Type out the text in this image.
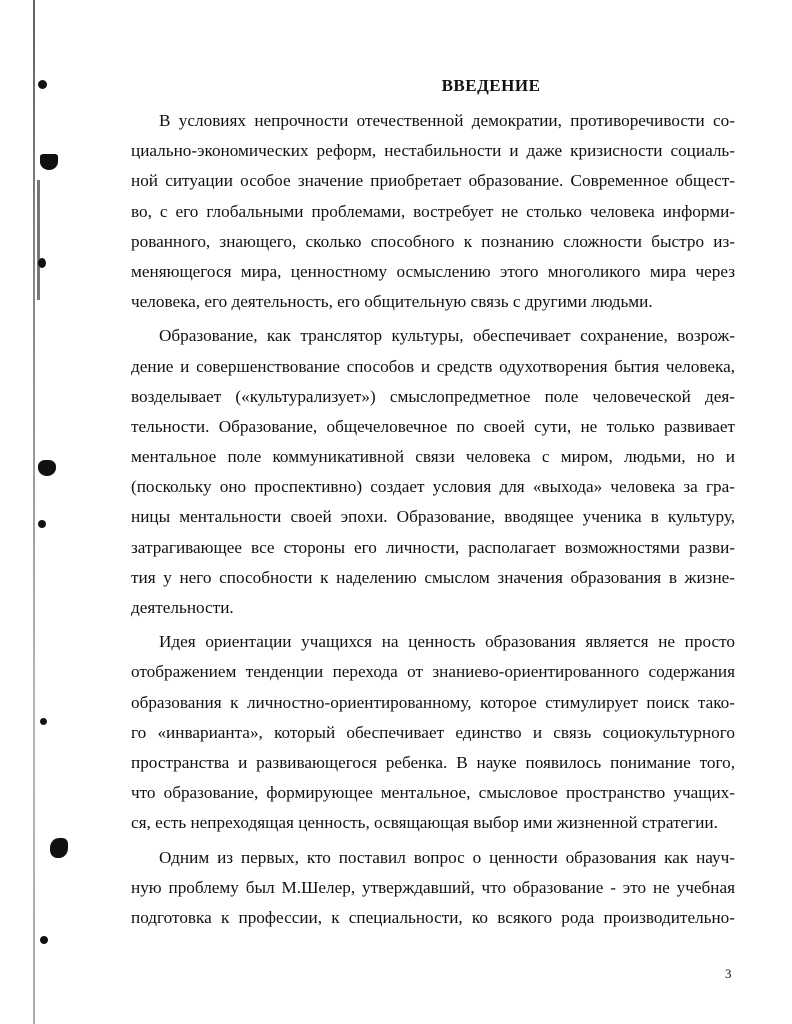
ВВЕДЕНИЕ
В условиях непрочности отечественной демократии, противоречивости со-
циально-экономических реформ, нестабильности и даже кризисности социаль-
ной ситуации особое значение приобретает образование. Современное общест-
во, с его глобальными проблемами, востребует не столько человека информи-
рованного, знающего, сколько способного к познанию сложности быстро из-
меняющегося мира, ценностному осмыслению этого многоликого мира через
человека, его деятельность, его общительную связь с другими людьми.
Образование, как транслятор культуры, обеспечивает сохранение, возрож-
дение и совершенствование способов и средств одухотворения бытия человека,
возделывает («культурализует») смыслопредметное поле человеческой дея-
тельности. Образование, общечеловечное по своей сути, не только развивает
ментальное поле коммуникативной связи человека с миром, людьми, но и
(поскольку оно проспективно) создает условия для «выхода» человека за гра-
ницы ментальности своей эпохи. Образование, вводящее ученика в культуру,
затрагивающее все стороны его личности, располагает возможностями разви-
тия у него способности к наделению смыслом значения образования в жизне-
деятельности.
Идея ориентации учащихся на ценность образования является не просто
отображением тенденции перехода от знаниево-ориентированного содержания
образования к личностно-ориентированному, которое стимулирует поиск тако-
го «инварианта», который обеспечивает единство и связь социокультурного
пространства и развивающегося ребенка. В науке появилось понимание того,
что образование, формирующее ментальное, смысловое пространство учащих-
ся, есть непреходящая ценность, освящающая выбор ими жизненной стратегии.
Одним из первых, кто поставил вопрос о ценности образования как науч-
ную проблему был М.Шелер, утверждавший, что образование - это не учебная
подготовка к профессии, к специальности, ко всякого рода производительно-
3
